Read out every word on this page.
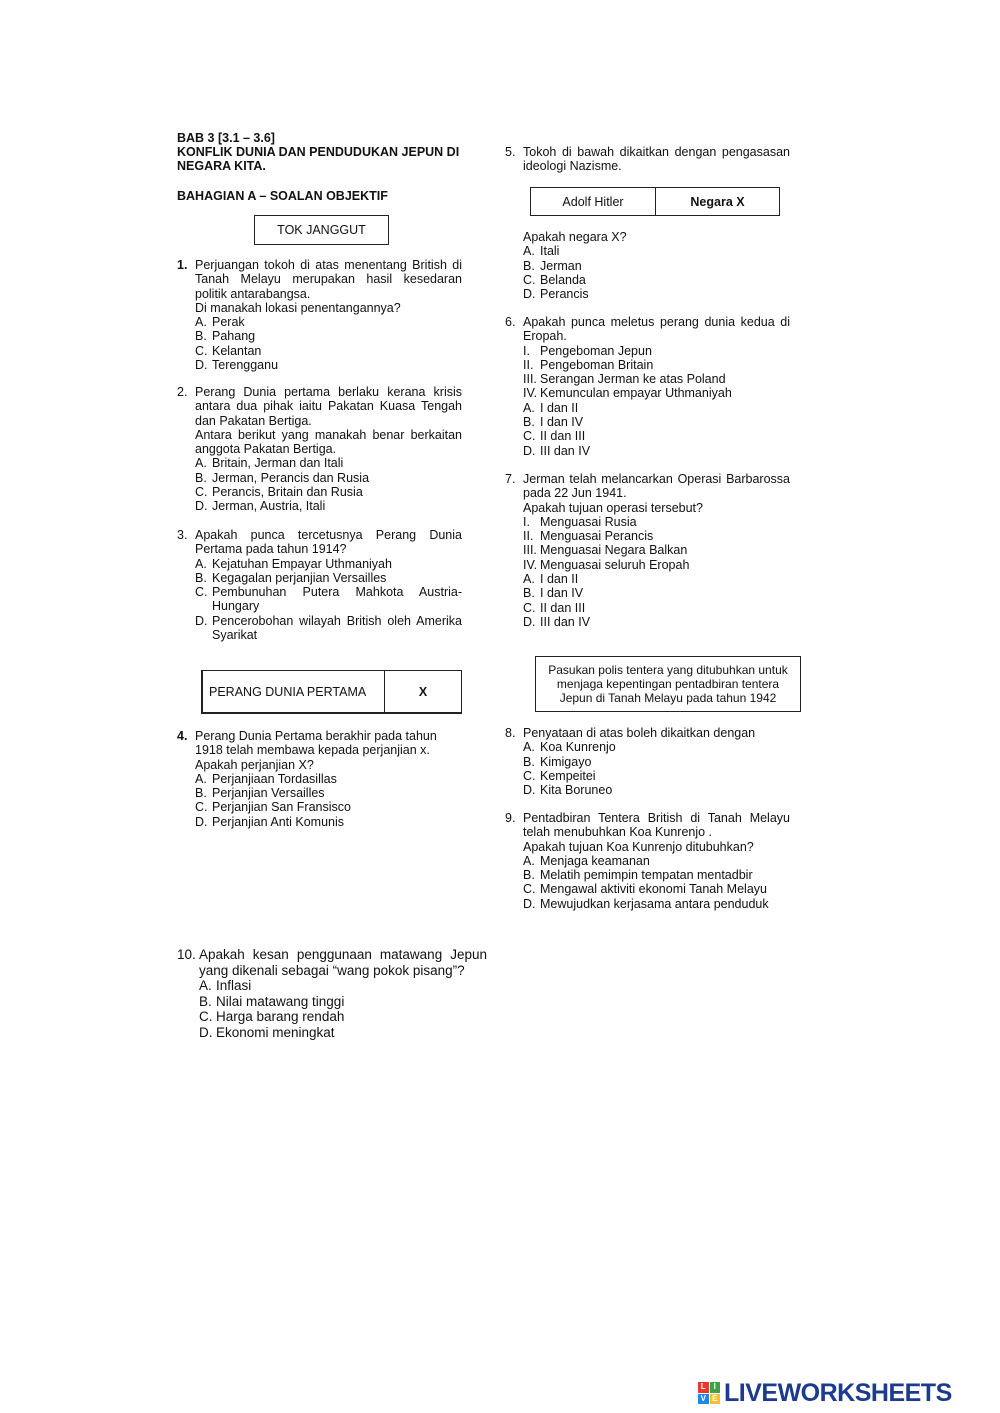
BAB 3 [3.1 – 3.6]
KONFLIK DUNIA DAN PENDUDUKAN JEPUN DI
NEGARA KITA.
BAHAGIAN A – SOALAN OBJEKTIF
TOK JANGGUT
1. Perjuangan tokoh di atas menentang British di Tanah Melayu merupakan hasil kesedaran politik antarabangsa.
Di manakah lokasi penentangannya?
A. Perak
B. Pahang
C. Kelantan
D. Terengganu
2. Perang Dunia pertama berlaku kerana krisis antara dua pihak iaitu Pakatan Kuasa Tengah dan Pakatan Bertiga.
Antara berikut yang manakah benar berkaitan anggota Pakatan Bertiga.
A. Britain, Jerman dan Itali
B. Jerman, Perancis dan Rusia
C. Perancis, Britain dan Rusia
D. Jerman, Austria, Itali
3. Apakah punca tercetusnya Perang Dunia Pertama pada tahun 1914?
A. Kejatuhan Empayar Uthmaniyah
B. Kegagalan perjanjian Versailles
C. Pembunuhan Putera Mahkota Austria-Hungary
D. Pencerobohan wilayah British oleh Amerika Syarikat
PERANG DUNIA PERTAMA	X
4. Perang Dunia Pertama berakhir pada tahun 1918 telah membawa kepada perjanjian x.
Apakah perjanjian X?
A. Perjanjiaan Tordasillas
B. Perjanjian Versailles
C. Perjanjian San Fransisco
D. Perjanjian Anti Komunis
5. Tokoh di bawah dikaitkan dengan pengasasan ideologi Nazisme.
Adolf Hitler	Negara X
Apakah negara X?
A. Itali
B. Jerman
C. Belanda
D. Perancis
6. Apakah punca meletus perang dunia kedua di Eropah.
I. Pengeboman Jepun
II. Pengeboman Britain
III. Serangan Jerman ke atas Poland
IV. Kemunculan empayar Uthmaniyah
A. I dan II
B. I dan IV
C. II dan III
D. III dan IV
7. Jerman telah melancarkan Operasi Barbarossa pada 22 Jun 1941.
Apakah tujuan operasi tersebut?
I. Menguasai Rusia
II. Menguasai Perancis
III. Menguasai Negara Balkan
IV. Menguasai seluruh Eropah
A. I dan II
B. I dan IV
C. II dan III
D. III dan IV
Pasukan polis tentera yang ditubuhkan untuk
menjaga kepentingan pentadbiran tentera
Jepun di Tanah Melayu pada tahun 1942
8. Penyataan di atas boleh dikaitkan dengan
A. Koa Kunrenjo
B. Kimigayo
C. Kempeitei
D. Kita Boruneo
9. Pentadbiran Tentera British di Tanah Melayu telah menubuhkan Koa Kunrenjo .
Apakah tujuan Koa Kunrenjo ditubuhkan?
A. Menjaga keamanan
B. Melatih pemimpin tempatan mentadbir
C. Mengawal aktiviti ekonomi Tanah Melayu
D. Mewujudkan kerjasama antara penduduk
10. Apakah kesan penggunaan matawang Jepun yang dikenali sebagai “wang pokok pisang”?
A. Inflasi
B. Nilai matawang tinggi
C. Harga barang rendah
D. Ekonomi meningkat
L I
V E LIVEWORKSHEETS
